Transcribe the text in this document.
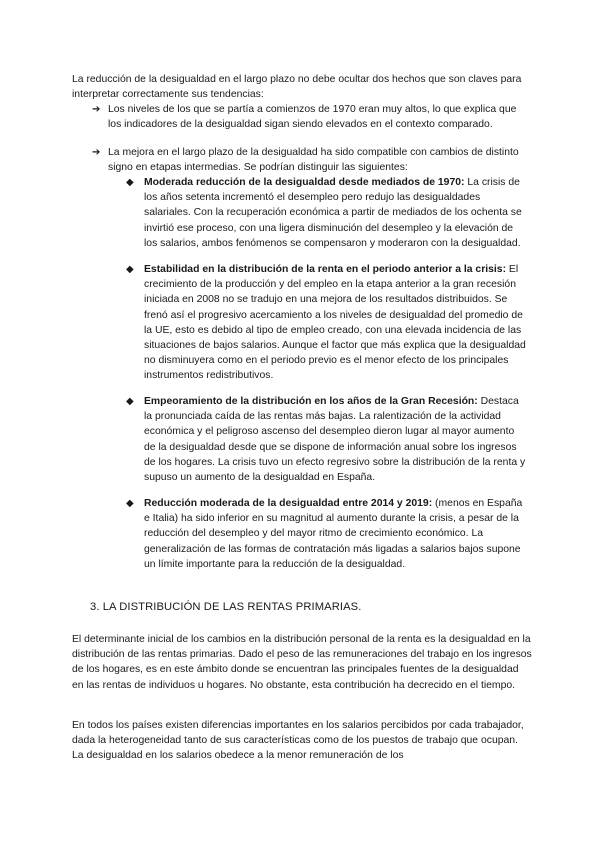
La reducción de la desigualdad en el largo plazo no debe ocultar dos hechos que son claves para interpretar correctamente sus tendencias:

➔ Los niveles de los que se partía a comienzos de 1970 eran muy altos, lo que explica que los indicadores de la desigualdad sigan siendo elevados en el contexto comparado.
➔ La mejora en el largo plazo de la desigualdad ha sido compatible con cambios de distinto signo en etapas intermedias. Se podrían distinguir las siguientes:
◆ Moderada reducción de la desigualdad desde mediados de 1970: La crisis de los años setenta incrementó el desempleo pero redujo las desigualdades salariales. Con la recuperación económica a partir de mediados de los ochenta se invirtió ese proceso, con una ligera disminución del desempleo y la elevación de los salarios, ambos fenómenos se compensaron y moderaron con la desigualdad.
◆ Estabilidad en la distribución de la renta en el periodo anterior a la crisis: El crecimiento de la producción y del empleo en la etapa anterior a la gran recesión iniciada en 2008 no se tradujo en una mejora de los resultados distribuidos. Se frenó así el progresivo acercamiento a los niveles de desigualdad del promedio de la UE, esto es debido al tipo de empleo creado, con una elevada incidencia de las situaciones de bajos salarios. Aunque el factor que más explica que la desigualdad no disminuyera como en el periodo previo es el menor efecto de los principales instrumentos redistributivos.
◆ Empeoramiento de la distribución en los años de la Gran Recesión: Destaca la pronunciada caída de las rentas más bajas. La ralentización de la actividad económica y el peligroso ascenso del desempleo dieron lugar al mayor aumento de la desigualdad desde que se dispone de información anual sobre los ingresos de los hogares. La crisis tuvo un efecto regresivo sobre la distribución de la renta y supuso un aumento de la desigualdad en España.
◆ Reducción moderada de la desigualdad entre 2014 y 2019: (menos en España e Italia) ha sido inferior en su magnitud al aumento durante la crisis, a pesar de la reducción del desempleo y del mayor ritmo de crecimiento económico. La generalización de las formas de contratación más ligadas a salarios bajos supone un límite importante para la reducción de la desigualdad.
3. LA DISTRIBUCIÓN DE LAS RENTAS PRIMARIAS.

El determinante inicial de los cambios en la distribución personal de la renta es la desigualdad en la distribución de las rentas primarias. Dado el peso de las remuneraciones del trabajo en los ingresos de los hogares, es en este ámbito donde se encuentran las principales fuentes de la desigualdad en las rentas de individuos u hogares. No obstante, esta contribución ha decrecido en el tiempo.

En todos los países existen diferencias importantes en los salarios percibidos por cada trabajador, dada la heterogeneidad tanto de sus características como de los puestos de trabajo que ocupan. La desigualdad en los salarios obedece a la menor remuneración de los
